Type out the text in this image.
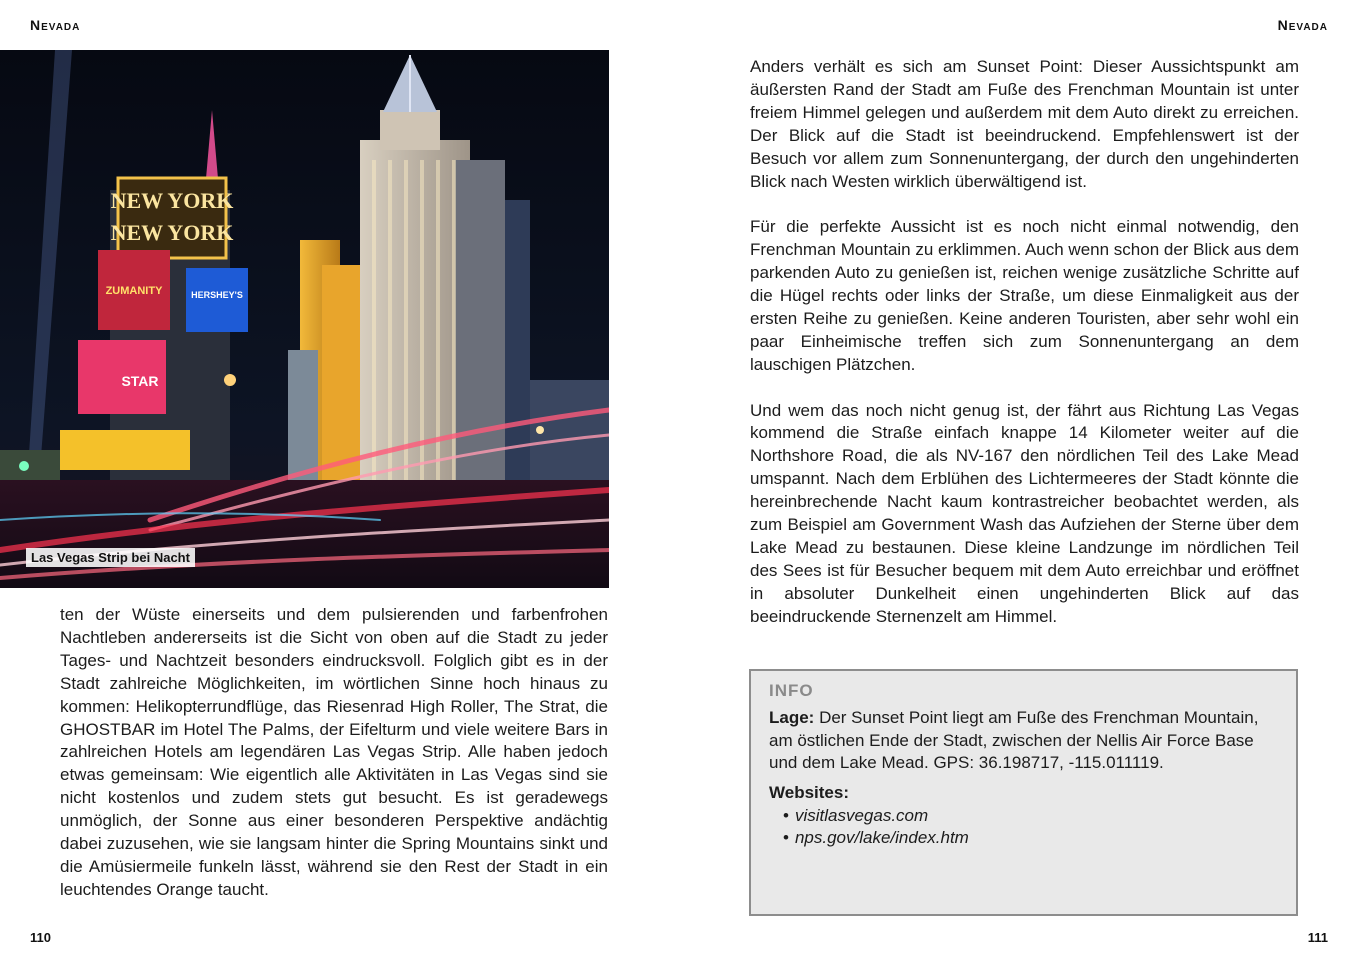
Nevada	Nevada
NEW YORK
NEW YORK
ZUMANITY	HERSHEY'S
STAR
Las Vegas Strip bei Nacht

ten der Wüste einerseits und dem pulsierenden und farbenfrohen Nachtleben andererseits ist die Sicht von oben auf die Stadt zu jeder Tages- und Nachtzeit besonders eindrucksvoll. Folglich gibt es in der Stadt zahlreiche Möglichkeiten, im wörtlichen Sinne hoch hinaus zu kommen: Helikopterrundflüge, das Riesenrad High Roller, The Strat, die GHOSTBAR im Hotel The Palms, der Eifelturm und viele weitere Bars in zahlreichen Hotels am legendären Las Vegas Strip. Alle haben jedoch etwas gemeinsam: Wie eigentlich alle Aktivitäten in Las Vegas sind sie nicht kostenlos und zudem stets gut besucht. Es ist geradewegs unmöglich, der Sonne aus einer besonderen Perspektive andächtig dabei zuzusehen, wie sie langsam hinter die Spring Mountains sinkt und die Amüsiermeile funkeln lässt, während sie den Rest der Stadt in ein leuchtendes Orange taucht.

Anders verhält es sich am Sunset Point: Dieser Aussichtspunkt am äußersten Rand der Stadt am Fuße des Frenchman Mountain ist unter freiem Himmel gelegen und außerdem mit dem Auto direkt zu erreichen. Der Blick auf die Stadt ist beeindruckend. Empfehlenswert ist der Besuch vor allem zum Sonnenuntergang, der durch den ungehinderten Blick nach Westen wirklich überwältigend ist.

Für die perfekte Aussicht ist es noch nicht einmal notwendig, den Frenchman Mountain zu erklimmen. Auch wenn schon der Blick aus dem parkenden Auto zu genießen ist, reichen wenige zusätzliche Schritte auf die Hügel rechts oder links der Straße, um diese Einmaligkeit aus der ersten Reihe zu genießen. Keine anderen Touristen, aber sehr wohl ein paar Einheimische treffen sich zum Sonnenuntergang an dem lauschigen Plätzchen.

Und wem das noch nicht genug ist, der fährt aus Richtung Las Vegas kommend die Straße einfach knappe 14 Kilometer weiter auf die Northshore Road, die als NV-167 den nördlichen Teil des Lake Mead umspannt. Nach dem Erblühen des Lichtermeeres der Stadt könnte die hereinbrechende Nacht kaum kontrastreicher beobachtet werden, als zum Beispiel am Government Wash das Aufziehen der Sterne über dem Lake Mead zu bestaunen. Diese kleine Landzunge im nördlichen Teil des Sees ist für Besucher bequem mit dem Auto erreichbar und eröffnet in absoluter Dunkelheit einen ungehinderten Blick auf das beeindruckende Sternenzelt am Himmel.

INFO

Lage: Der Sunset Point liegt am Fuße des Frenchman Mountain, am östlichen Ende der Stadt, zwischen der Nellis Air Force Base und dem Lake Mead. GPS: 36.198717, -115.011119.

Websites:
• visitlasvegas.com
• nps.gov/lake/index.htm
110	111
